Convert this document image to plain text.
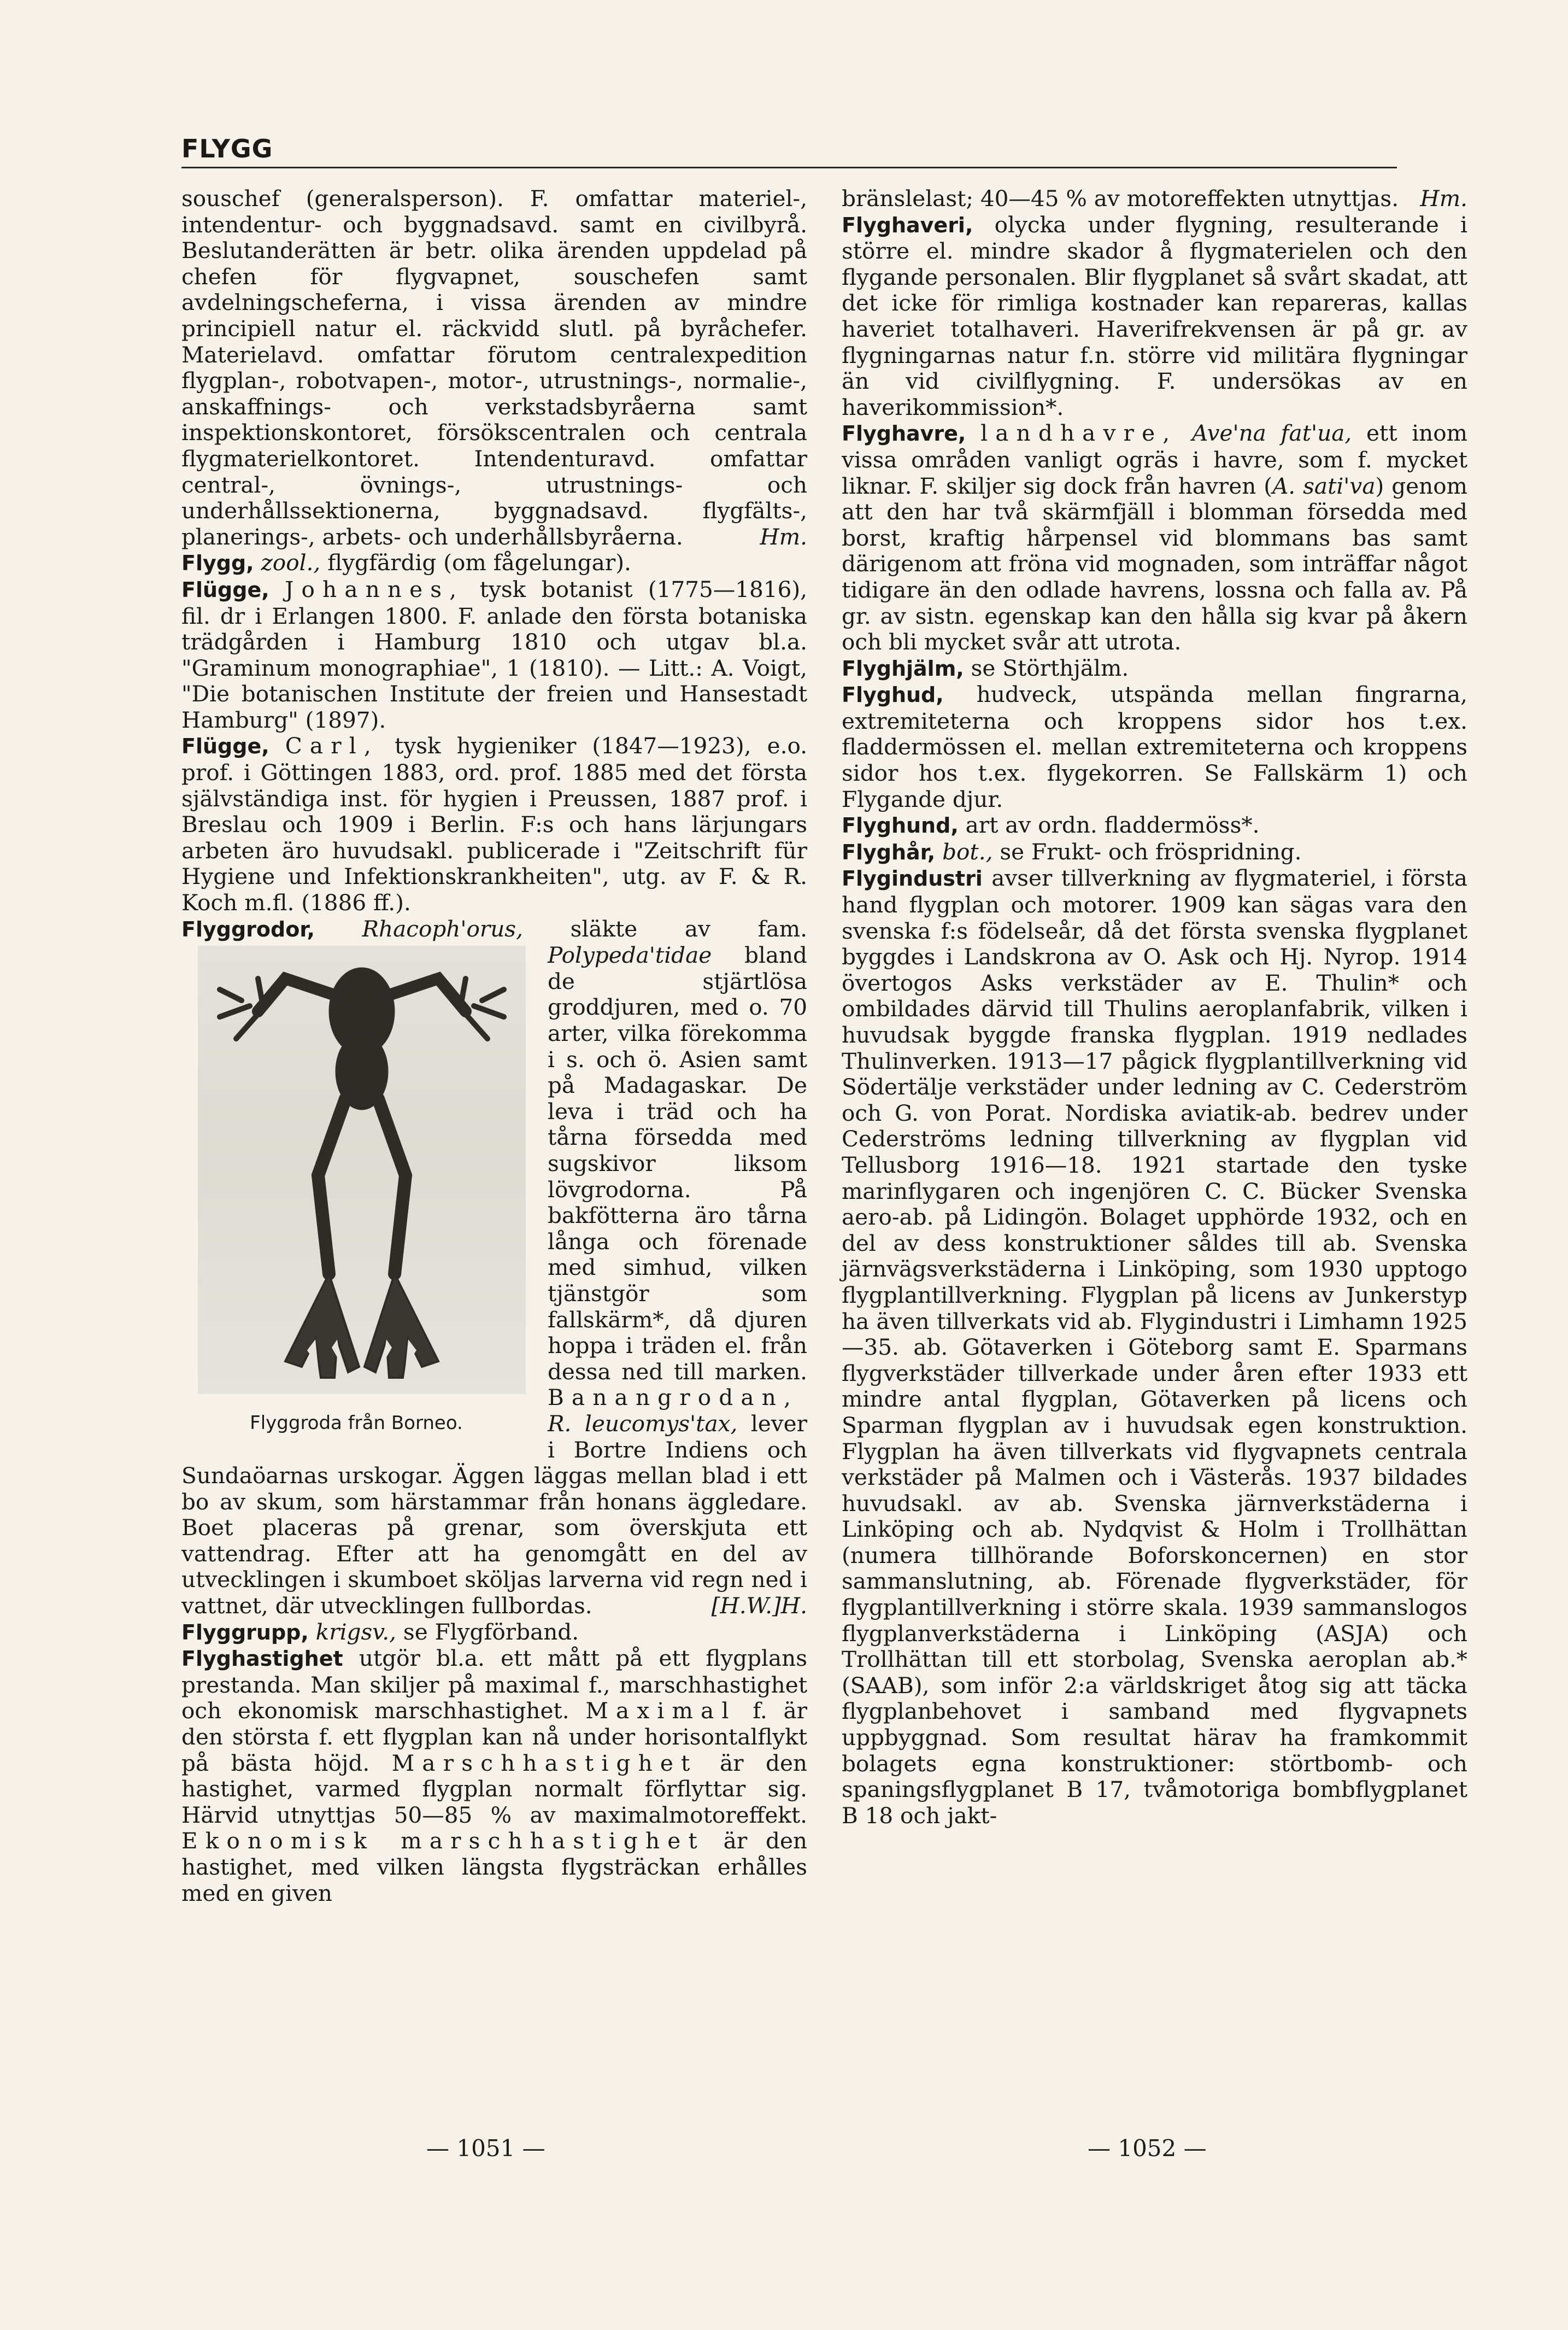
FLYGG

souschef (generalsperson). F. omfattar materiel-, intendentur- och byggnadsavd. samt en civilbyrå. Beslutanderätten är betr. olika ärenden uppdelad på chefen för flygvapnet, souschefen samt avdelningscheferna, i vissa ärenden av mindre principiell natur el. räckvidd slutl. på byråchefer. Materielavd. omfattar förutom centralexpedition flygplan-, robotvapen-, motor-, utrustnings-, normalie-, anskaffnings- och verkstadsbyråerna samt inspektionskontoret, försökscentralen och centrala flygmaterielkontoret. Intendenturavd. omfattar central-, övnings-, utrustnings- och underhållssektionerna, byggnadsavd. flygfälts-, planerings-, arbets- och underhållsbyråerna.	Hm.

Flygg, zool., flygfärdig (om fågelungar).

Flügge, Johannes, tysk botanist (1775—1816), fil. dr i Erlangen 1800. F. anlade den första botaniska trädgården i Hamburg 1810 och utgav bl.a. "Graminum monographiae", 1 (1810). — Litt.: A. Voigt, "Die botanischen Institute der freien und Hansestadt Hamburg" (1897).

Flügge, Carl, tysk hygieniker (1847—1923), e.o. prof. i Göttingen 1883, ord. prof. 1885 med det första självständiga inst. för hygien i Preussen, 1887 prof. i Breslau och 1909 i Berlin. F:s och hans lärjungars arbeten äro huvudsakl. publicerade i "Zeitschrift für Hygiene und Infektionskrankheiten", utg. av F. & R. Koch m.fl. (1886 ff.).

Flyggrodor, Rhacoph'orus, släkte av fam. Polypeda'tidae
Flyggroda från Borneo.
bland de stjärtlösa groddjuren, med o. 70 arter, vilka förekomma i s. och ö. Asien samt på Madagaskar. De leva i träd och ha tårna försedda med sugskivor liksom lövgrodorna. På bakfötterna äro tårna långa och förenade med simhud, vilken tjänstgör som fallskärm*, då djuren hoppa i träden el. från dessa ned till marken. Banangrodan, R. leucomys'tax, lever i Bortre Indiens och Sundaöarnas urskogar. Äggen läggas mellan blad i ett bo av skum, som härstammar från honans äggledare. Boet placeras på grenar, som överskjuta ett vattendrag. Efter att ha genomgått en del av utvecklingen i skumboet sköljas larverna vid regn ned i vattnet, där utvecklingen fullbordas.	[H.W.]H.

Flyggrupp, krigsv., se Flygförband.

Flyghastighet utgör bl.a. ett mått på ett flygplans prestanda. Man skiljer på maximal f., marschhastighet och ekonomisk marschhastighet. Maximal f. är den största f. ett flygplan kan nå under horisontalflykt på bästa höjd. Marschhastighet är den hastighet, varmed flygplan normalt förflyttar sig. Härvid utnyttjas 50—85 % av maximalmotoreffekt. Ekonomisk marschhastighet är den hastighet, med vilken längsta flygsträckan erhålles med en given

— 1051 —

bränslelast; 40—45 % av motoreffekten utnyttjas. Hm.

Flyghaveri, olycka under flygning, resulterande i större el. mindre skador å flygmaterielen och den flygande personalen. Blir flygplanet så svårt skadat, att det icke för rimliga kostnader kan repareras, kallas haveriet totalhaveri. Haverifrekvensen är på gr. av flygningarnas natur f.n. större vid militära flygningar än vid civilflygning. F. undersökas av en haverikommission*.

Flyghavre, landhavre, Ave'na fat'ua, ett inom vissa områden vanligt ogräs i havre, som f. mycket liknar. F. skiljer sig dock från havren (A. sati'va) genom att den har två skärmfjäll i blomman försedda med borst, kraftig hårpensel vid blommans bas samt därigenom att fröna vid mognaden, som inträffar något tidigare än den odlade havrens, lossna och falla av. På gr. av sistn. egenskap kan den hålla sig kvar på åkern och bli mycket svår att utrota.

Flyghjälm, se Störthjälm.

Flyghud, hudveck, utspända mellan fingrarna, extremiteterna och kroppens sidor hos t.ex. fladdermössen el. mellan extremiteterna och kroppens sidor hos t.ex. flygekorren. Se Fallskärm 1) och Flygande djur.

Flyghund, art av ordn. fladdermöss*.

Flyghår, bot., se Frukt- och fröspridning.

Flygindustri avser tillverkning av flygmateriel, i första hand flygplan och motorer. 1909 kan sägas vara den svenska f:s födelseår, då det första svenska flygplanet byggdes i Landskrona av O. Ask och Hj. Nyrop. 1914 övertogos Asks verkstäder av E. Thulin* och ombildades därvid till Thulins aeroplanfabrik, vilken i huvudsak byggde franska flygplan. 1919 nedlades Thulinverken. 1913—17 pågick flygplantillverkning vid Södertälje verkstäder under ledning av C. Cederström och G. von Porat. Nordiska aviatik-ab. bedrev under Cederströms ledning tillverkning av flygplan vid Tellusborg 1916—18. 1921 startade den tyske marinflygaren och ingenjören C. C. Bücker Svenska aero-ab. på Lidingön. Bolaget upphörde 1932, och en del av dess konstruktioner såldes till ab. Svenska järnvägsverkstäderna i Linköping, som 1930 upptogo flygplantillverkning. Flygplan på licens av Junkerstyp ha även tillverkats vid ab. Flygindustri i Limhamn 1925—35. ab. Götaverken i Göteborg samt E. Sparmans flygverkstäder tillverkade under åren efter 1933 ett mindre antal flygplan, Götaverken på licens och Sparman flygplan av i huvudsak egen konstruktion. Flygplan ha även tillverkats vid flygvapnets centrala verkstäder på Malmen och i Västerås. 1937 bildades huvudsakl. av ab. Svenska järnverkstäderna i Linköping och ab. Nydqvist & Holm i Trollhättan (numera tillhörande Boforskoncernen) en stor sammanslutning, ab. Förenade flygverkstäder, för flygplantillverkning i större skala. 1939 sammanslogos flygplanverkstäderna i Linköping (ASJA) och Trollhättan till ett storbolag, Svenska aeroplan ab.* (SAAB), som inför 2:a världskriget åtog sig att täcka flygplanbehovet i samband med flygvapnets uppbyggnad. Som resultat härav ha framkommit bolagets egna konstruktioner: störtbomb- och spaningsflygplanet B 17, tvåmotoriga bombflygplanet B 18 och jakt-

— 1052 —
